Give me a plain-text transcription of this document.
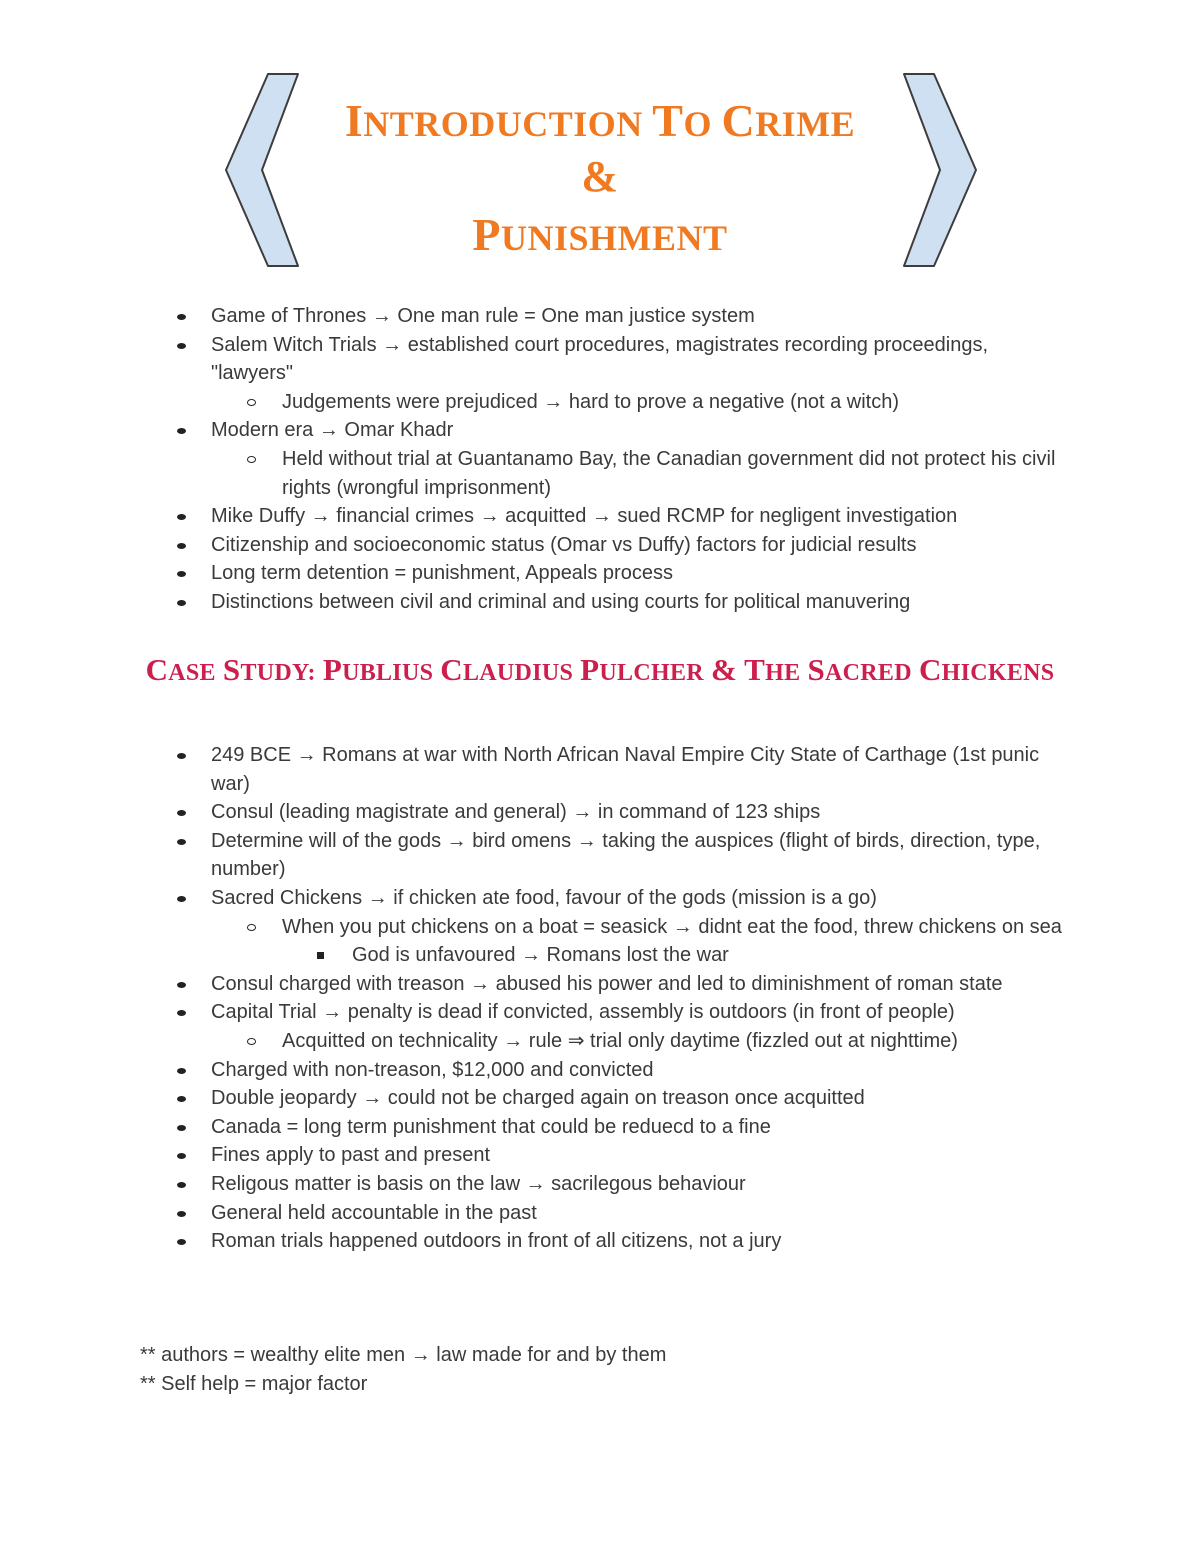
INTRODUCTION TO CRIME
&
PUNISHMENT
Game of Thrones → One man rule = One man justice system
Salem Witch Trials → established court procedures, magistrates recording proceedings, "lawyers"
Judgements were prejudiced → hard to prove a negative (not a witch)
Modern era → Omar Khadr
Held without trial at Guantanamo Bay, the Canadian government did not protect his civil rights (wrongful imprisonment)
Mike Duffy → financial crimes → acquitted → sued RCMP for negligent investigation
Citizenship and socioeconomic status (Omar vs Duffy) factors for judicial results
Long term detention = punishment, Appeals process
Distinctions between civil and criminal and using courts for political manuvering
CASE STUDY: PUBLIUS CLAUDIUS PULCHER & THE SACRED CHICKENS
249 BCE → Romans at war with North African Naval Empire City State of Carthage (1st punic war)
Consul (leading magistrate and general) → in command of 123 ships
Determine will of the gods → bird omens → taking the auspices (flight of birds, direction, type, number)
Sacred Chickens → if chicken ate food, favour of the gods (mission is a go)
When you put chickens on a boat = seasick → didnt eat the food, threw chickens on sea
God is unfavoured → Romans lost the war
Consul charged with treason → abused his power and led to diminishment of roman state
Capital Trial → penalty is dead if convicted, assembly is outdoors (in front of people)
Acquitted on technicality → rule ⇒ trial only daytime (fizzled out at nighttime)
Charged with non-treason, $12,000 and convicted
Double jeopardy → could not be charged again on treason once acquitted
Canada = long term punishment that could be reduecd to a fine
Fines apply to past and present
Religous matter is basis on the law → sacrilegous behaviour
General held accountable in the past
Roman trials happened outdoors in front of all citizens, not a jury

** authors = wealthy elite men → law made for and by them

** Self help = major factor
